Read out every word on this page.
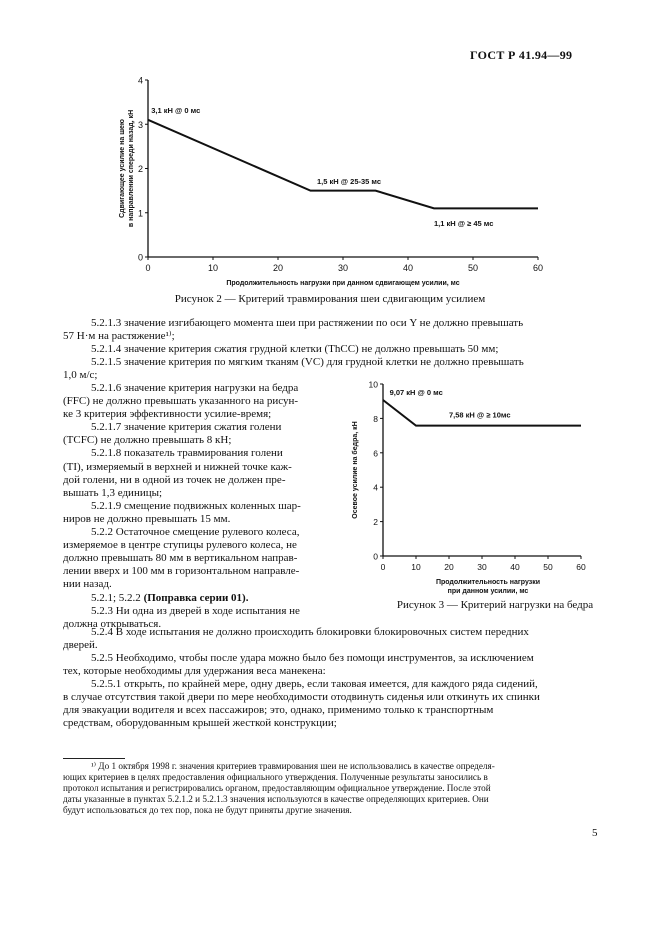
ГОСТ Р 41.94—99
0	10	20	30	40	50	60
0
1
2
3
4
Продолжительность нагрузки при данном сдвигающем усилии, мс
Сдвигающее усилие на шею в направлении спереди назад, кН 3,1 кН @ 0 мс
1,5 кН @ 25-35 мс
1,1 кН @ ≥ 45 мс
Рисунок 2 — Критерий травмирования шеи сдвигающим усилием
0	10	20	30	40	50	60
0
2
4
6
8
10
Продолжительность нагрузки
при данном усилии, мс
Осевое усилие на бедра, кН
9,07 кН @ 0 мс
7,58 кН @ ≥ 10мс
Рисунок 3 — Критерий нагрузки на бедра
5.2.1.3 значение изгибающего момента шеи при растяжении по оси Y не должно превышать
57 Н·м на растяжение¹⁾;
5.2.1.4 значение критерия сжатия грудной клетки (ThCC) не должно превышать 50 мм;
5.2.1.5 значение критерия по мягким тканям (VC) для грудной клетки не должно превышать
1,0 м/с;
5.2.1.6 значение критерия нагрузки на бедра
(FFC) не должно превышать указанного на рисун-
ке 3 критерия эффективности усилие-время;
5.2.1.7 значение критерия сжатия голени
(TCFC) не должно превышать 8 кН;
5.2.1.8 показатель травмирования голени
(TI), измеряемый в верхней и нижней точке каж-
дой голени, ни в одной из точек не должен пре-
вышать 1,3 единицы;
5.2.1.9 смещение подвижных коленных шар-
ниров не должно превышать 15 мм.
5.2.2 Остаточное смещение рулевого колеса,
измеряемое в центре ступицы рулевого колеса, не
должно превышать 80 мм в вертикальном направ-
лении вверх и 100 мм в горизонтальном направле-
нии назад.
5.2.1; 5.2.2 (Поправка серии 01).
5.2.3 Ни одна из дверей в ходе испытания не
должна открываться.
5.2.4 В ходе испытания не должно происходить блокировки блокировочных систем передних
дверей.
5.2.5 Необходимо, чтобы после удара можно было без помощи инструментов, за исключением
тех, которые необходимы для удержания веса манекена:
5.2.5.1 открыть, по крайней мере, одну дверь, если таковая имеется, для каждого ряда сидений,
в случае отсутствия такой двери по мере необходимости отодвинуть сиденья или откинуть их спинки
для эвакуации водителя и всех пассажиров; это, однако, применимо только к транспортным
средствам, оборудованным крышей жесткой конструкции;
¹⁾ До 1 октября 1998 г. значения критериев травмирования шеи не использовались в качестве определя-
ющих критериев в целях предоставления официального утверждения. Полученные результаты заносились в
протокол испытания и регистрировались органом, предоставляющим официальное утверждение. После этой
даты указанные в пунктах 5.2.1.2 и 5.2.1.3 значения используются в качестве определяющих критериев. Они
будут использоваться до тех пор, пока не будут приняты другие значения.
5
